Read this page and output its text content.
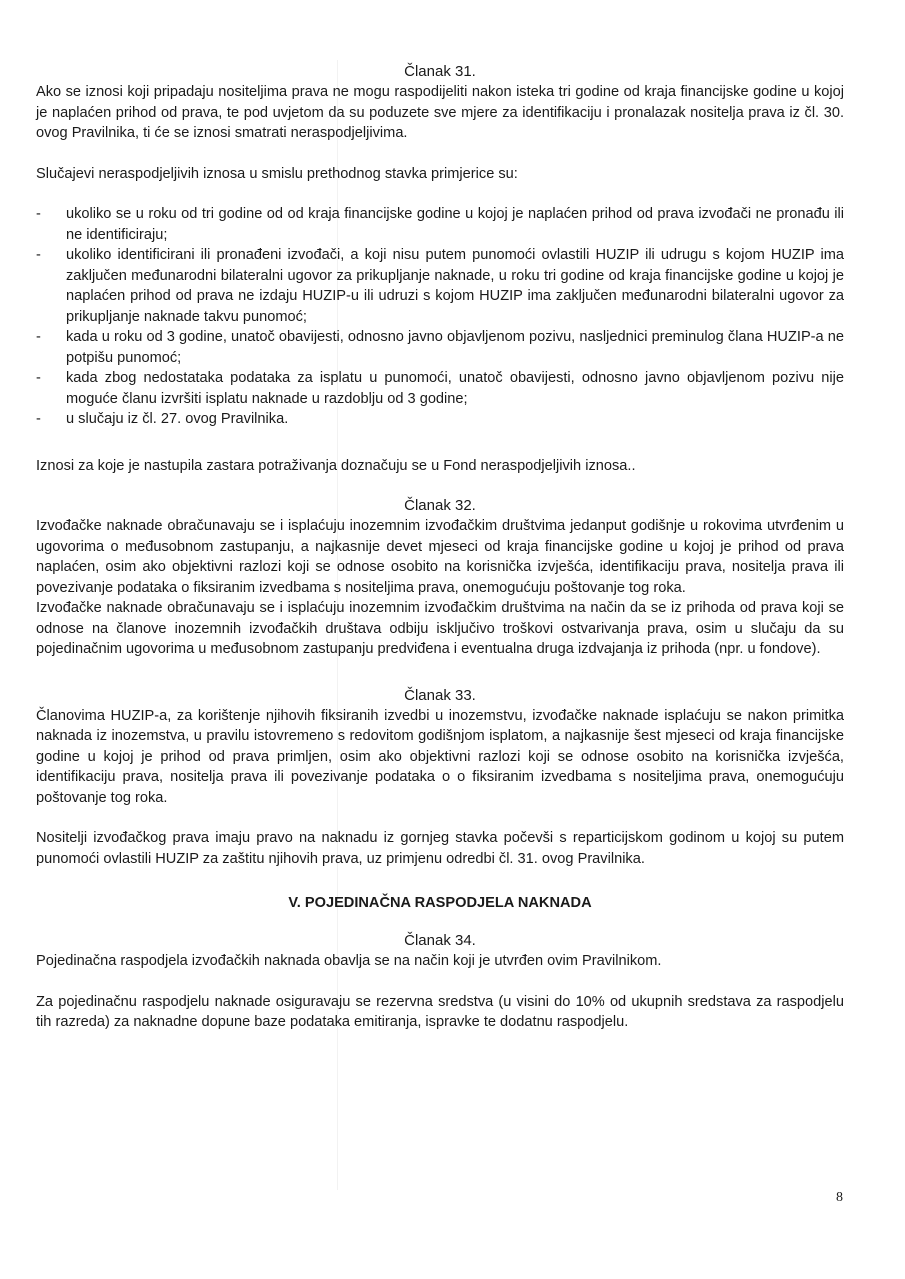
Članak 31.

Ako se iznosi koji pripadaju nositeljima prava ne mogu raspodijeliti nakon isteka tri godine od kraja financijske godine u kojoj je naplaćen prihod od prava, te pod uvjetom da su poduzete sve mjere za identifikaciju i pronalazak nositelja prava iz čl. 30. ovog Pravilnika, ti će se iznosi smatrati neraspodjeljivima.

Slučajevi neraspodjeljivih iznosa u smislu prethodnog stavka primjerice su:

- ukoliko se u roku od tri godine od od kraja financijske godine u kojoj je naplaćen prihod od prava izvođači ne pronađu ili ne identificiraju;
- ukoliko identificirani ili pronađeni izvođači, a koji nisu putem punomoći ovlastili HUZIP ili udrugu s kojom HUZIP ima zaključen međunarodni bilateralni ugovor za prikupljanje naknade, u roku tri godine od kraja financijske godine u kojoj je naplaćen prihod od prava ne izdaju HUZIP-u ili udruzi s kojom HUZIP ima zaključen međunarodni bilateralni ugovor za prikupljanje naknade takvu punomoć;
- kada u roku od 3 godine, unatoč obavijesti, odnosno javno objavljenom pozivu, nasljednici preminulog člana HUZIP-a ne potpišu punomoć;
- kada zbog nedostataka podataka za isplatu u punomoći, unatoč obavijesti, odnosno javno objavljenom pozivu nije moguće članu izvršiti isplatu naknade u razdoblju od 3 godine;
- u slučaju iz čl. 27. ovog Pravilnika.

Iznosi za koje je nastupila zastara potraživanja doznačuju se u Fond neraspodjeljivih iznosa..

Članak 32.

Izvođačke naknade obračunavaju se i isplaćuju inozemnim izvođačkim društvima jedanput godišnje u rokovima utvrđenim u ugovorima o međusobnom zastupanju, a najkasnije devet mjeseci od kraja financijske godine u kojoj je prihod od prava naplaćen, osim ako objektivni razlozi koji se odnose osobito na korisnička izvješća, identifikaciju prava, nositelja prava ili povezivanje podataka o fiksiranim izvedbama s nositeljima prava, onemogućuju poštovanje tog roka.

Izvođačke naknade obračunavaju se i isplaćuju inozemnim izvođačkim društvima na način da se iz prihoda od prava koji se odnose na članove inozemnih izvođačkih društava odbiju isključivo troškovi ostvarivanja prava, osim u slučaju da su pojedinačnim ugovorima u međusobnom zastupanju predviđena i eventualna druga izdvajanja iz prihoda (npr. u fondove).

Članak 33.

Članovima HUZIP-a, za korištenje njihovih fiksiranih izvedbi u inozemstvu, izvođačke naknade isplaćuju se nakon primitka naknada iz inozemstva, u pravilu istovremeno s redovitom godišnjom isplatom, a najkasnije šest mjeseci od kraja financijske godine u kojoj je prihod od prava primljen, osim ako objektivni razlozi koji se odnose osobito na korisnička izvješća, identifikaciju prava, nositelja prava ili povezivanje podataka o o fiksiranim izvedbama s nositeljima prava, onemogućuju poštovanje tog roka.

Nositelji izvođačkog prava imaju pravo na naknadu iz gornjeg stavka počevši s reparticijskom godinom u kojoj su putem punomoći ovlastili HUZIP za zaštitu njihovih prava, uz primjenu odredbi čl. 31. ovog Pravilnika.

V. POJEDINAČNA RASPODJELA NAKNADA

Članak 34.

Pojedinačna raspodjela izvođačkih naknada obavlja se na način koji je utvrđen ovim Pravilnikom.

Za pojedinačnu raspodjelu naknade osiguravaju se rezervna sredstva (u visini do 10% od ukupnih sredstava za raspodjelu tih razreda) za naknadne dopune baze podataka emitiranja, ispravke te dodatnu raspodjelu.

8
